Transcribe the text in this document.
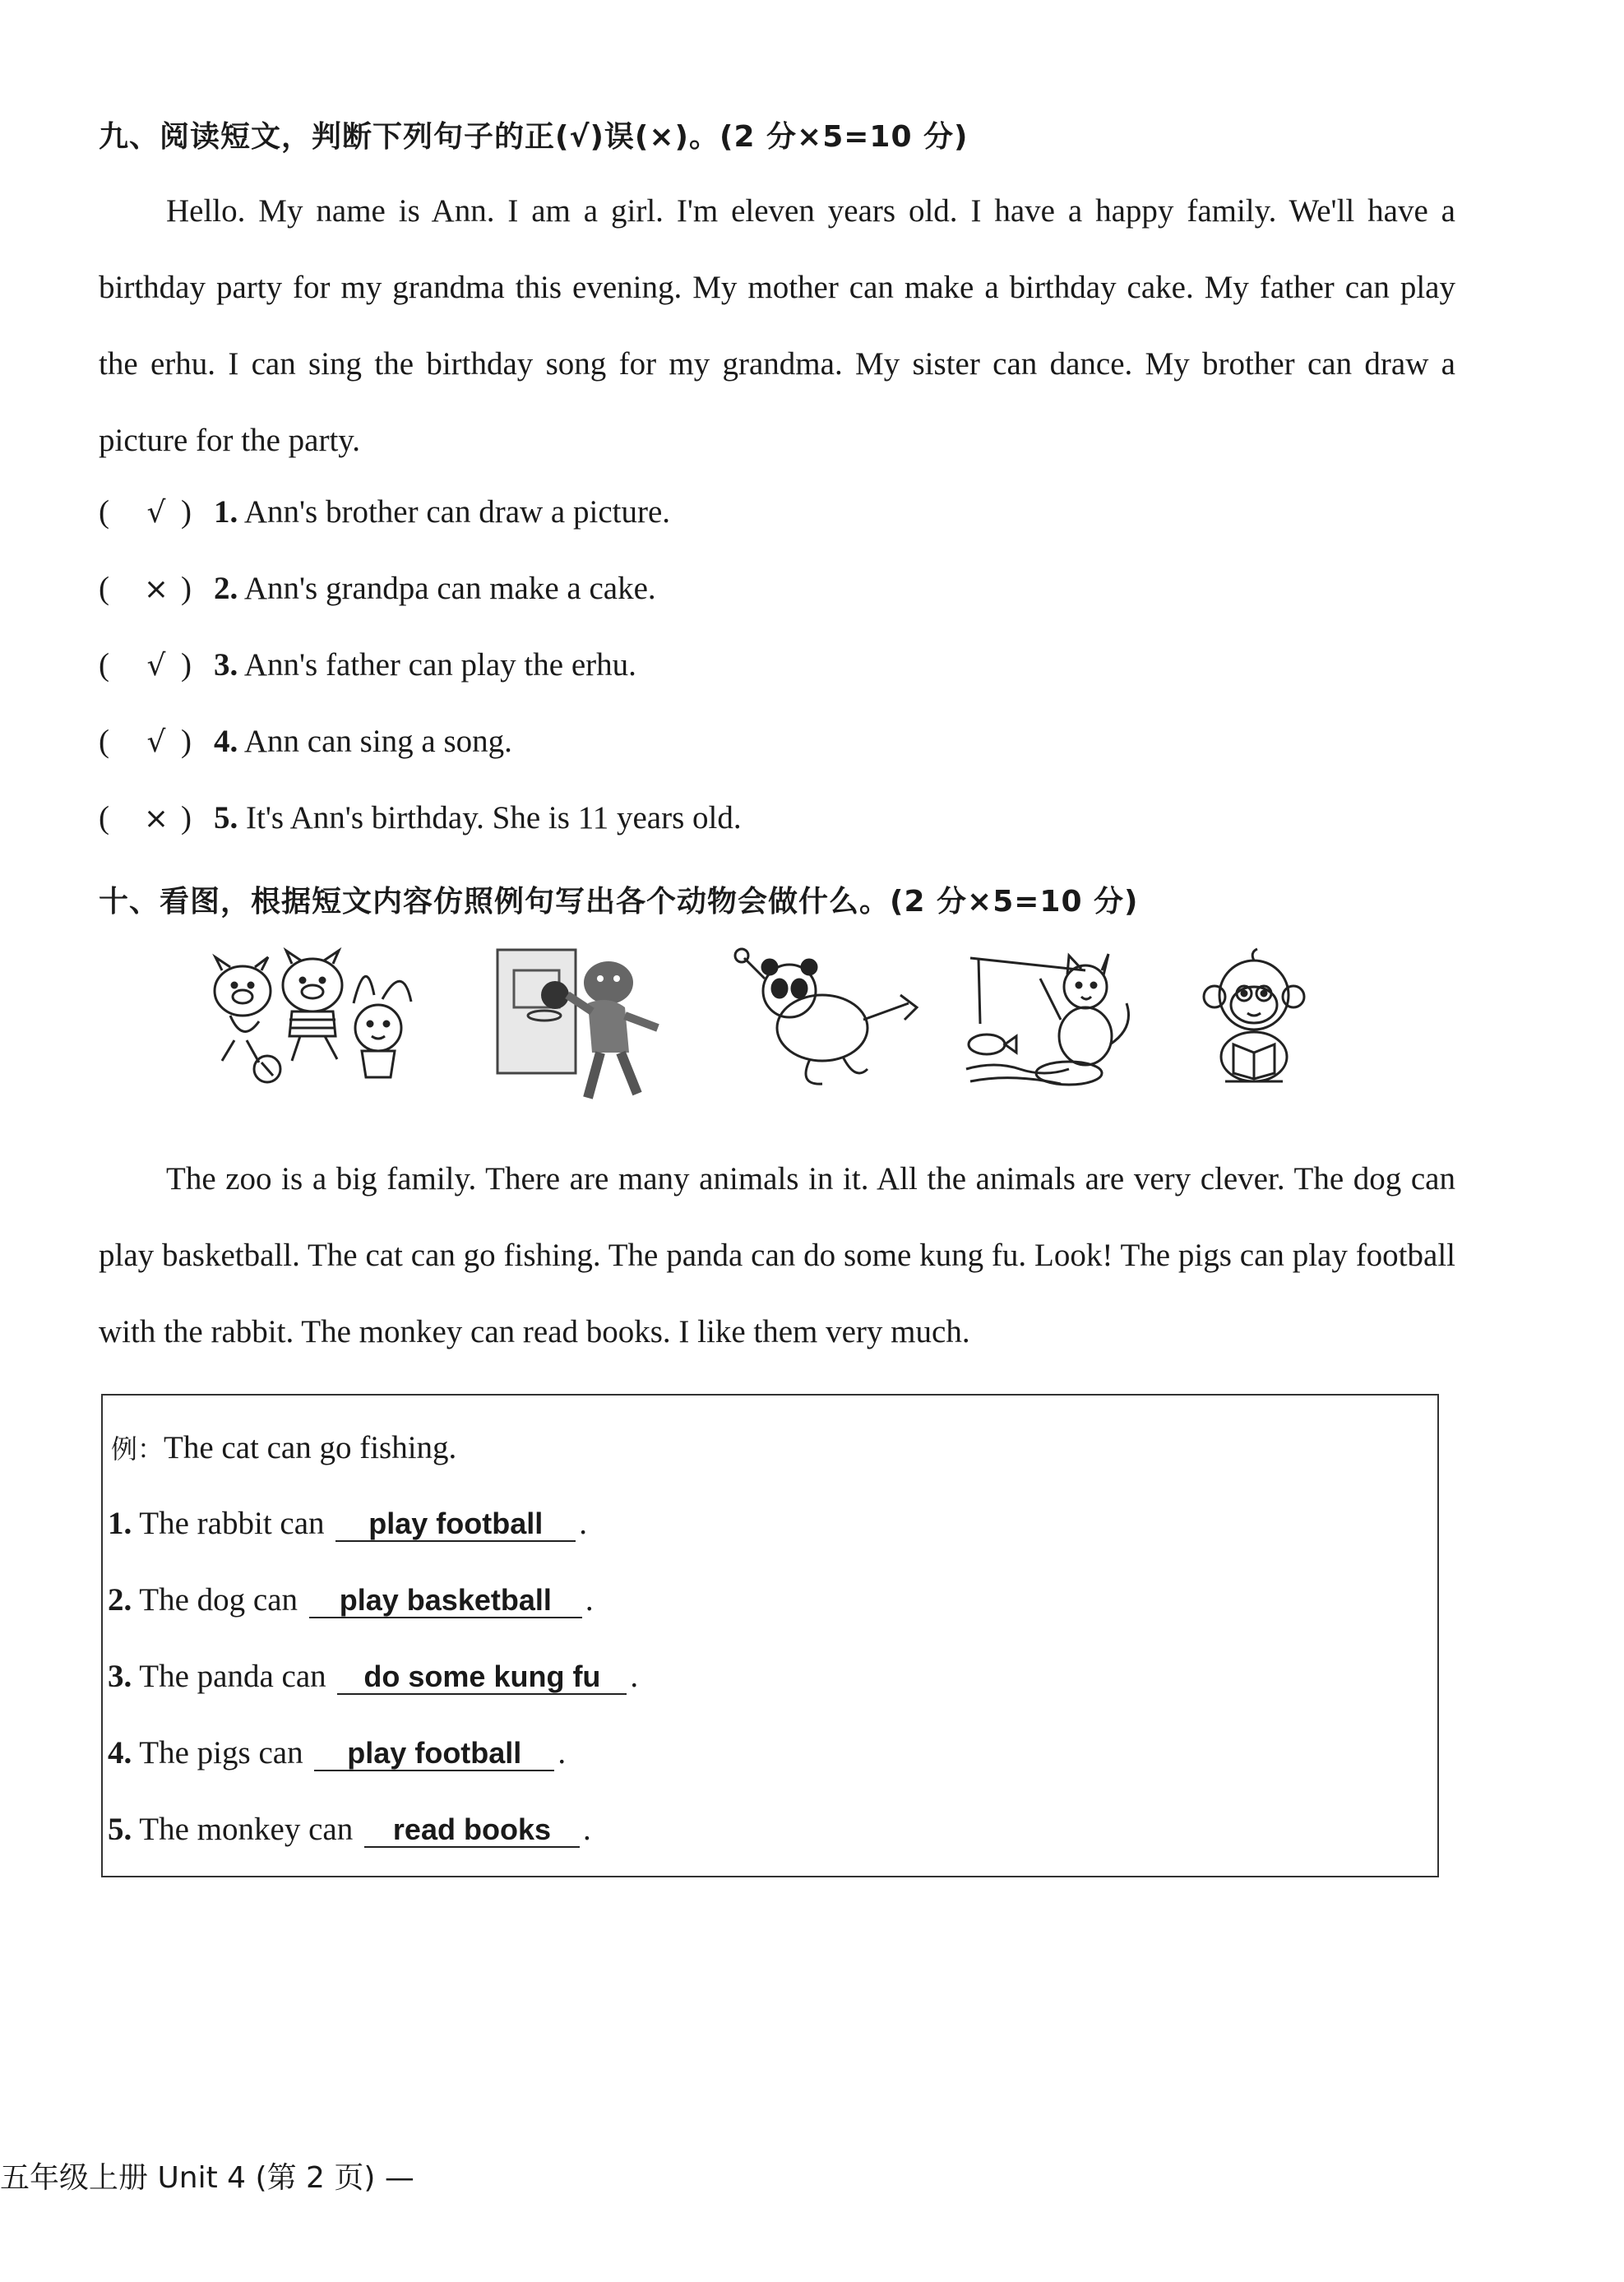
九、阅读短文，判断下列句子的正(√)误(×)。(2 分×5=10 分)

Hello. My name is Ann. I am a girl. I'm eleven years old. I have a happy family. We'll have a birthday party for my grandma this evening. My mother can make a birthday cake. My father can play the erhu. I can sing the birthday song for my grandma. My sister can dance. My brother can draw a picture for the party.

( √ ) 1. Ann's brother can draw a picture.
( × ) 2. Ann's grandpa can make a cake.
( √ ) 3. Ann's father can play the erhu.
( √ ) 4. Ann can sing a song.
( × ) 5. It's Ann's birthday. She is 11 years old.
十、看图，根据短文内容仿照例句写出各个动物会做什么。(2 分×5=10 分)

The zoo is a big family. There are many animals in it. All the animals are very clever. The dog can play basketball. The cat can go fishing. The panda can do some kung fu. Look! The pigs can play football with the rabbit. The monkey can read books. I like them very much.

例：The cat can go fishing.
1. The rabbit can play football .
2. The dog can play basketball .
3. The panda can do some kung fu .
4. The pigs can play football .
5. The monkey can read books .
五年级上册 Unit 4 (第 2 页) —
